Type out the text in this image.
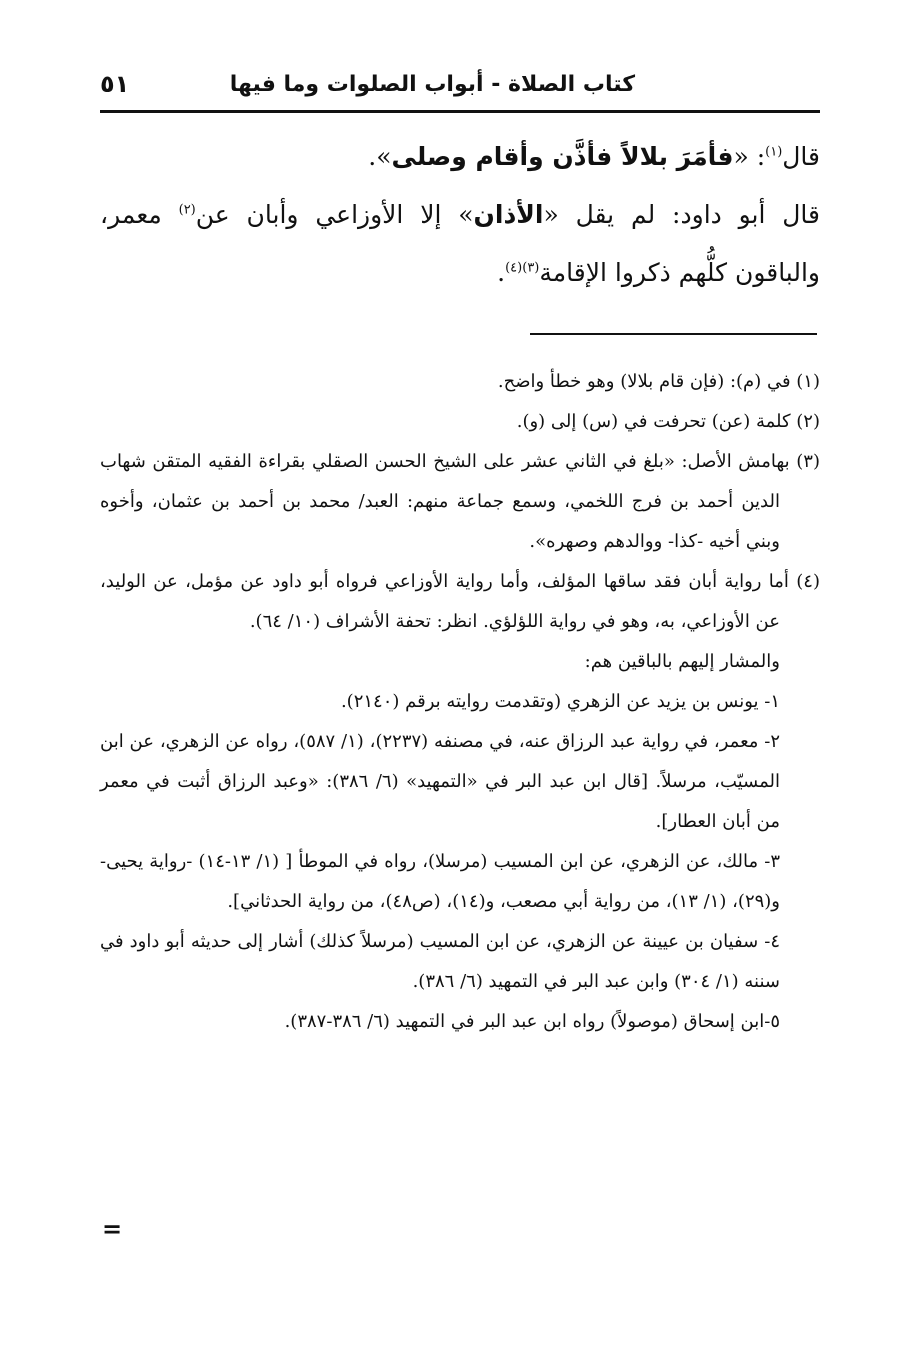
كتاب الصلاة - أبواب الصلوات وما فيها
٥١

قال$^{(١)}$: «فأمَرَ بلالاً فأذَّن وأقام وصلى».

قال أبو داود: لم يقل «الأذان» إلا الأوزاعي وأبان عن$^{(٢)}$ معمر، والباقون كلُّهم ذكروا الإقامة$^{(٣)(٤)}$.

(١) في (م): (فإن قام بلالا) وهو خطأ واضح.

(٢) كلمة (عن) تحرفت في (س) إلى (و).

(٣) بهامش الأصل: «بلغ في الثاني عشر على الشيخ الحسن الصقلي بقراءة الفقيه المتقن شهاب الدين أحمد بن فرج اللخمي، وسمع جماعة منهم: العبد/ محمد بن أحمد بن عثمان، وأخوه وبني أخيه -كذا- ووالدهم وصهره».

(٤) أما رواية أبان فقد ساقها المؤلف، وأما رواية الأوزاعي فرواه أبو داود عن مؤمل، عن الوليد، عن الأوزاعي، به، وهو في رواية اللؤلؤي. انظر: تحفة الأشراف (١٠/ ٦٤).

والمشار إليهم بالباقين هم:

١- يونس بن يزيد عن الزهري (وتقدمت روايته برقم (٢١٤٠).

٢- معمر، في رواية عبد الرزاق عنه، في مصنفه (٢٢٣٧)، (١/ ٥٨٧)، رواه عن الزهري، عن ابن المسيّب، مرسلاً. [قال ابن عبد البر في «التمهيد» (٦/ ٣٨٦): «وعبد الرزاق أثبت في معمر من أبان العطار].

٣- مالك، عن الزهري، عن ابن المسيب (مرسلا)، رواه في الموطأ [ (١/ ١٣-١٤) -رواية يحيى- و(٢٩)، (١/ ١٣)، من رواية أبي مصعب، و(١٤)، (ص٤٨)، من رواية الحدثاني].

٤- سفيان بن عيينة عن الزهري، عن ابن المسيب (مرسلاً كذلك) أشار إلى حديثه أبو داود في سننه (١/ ٣٠٤) وابن عبد البر في التمهيد (٦/ ٣٨٦).

٥-ابن إسحاق (موصولاً) رواه ابن عبد البر في التمهيد (٦/ ٣٨٦-٣٨٧).

=
